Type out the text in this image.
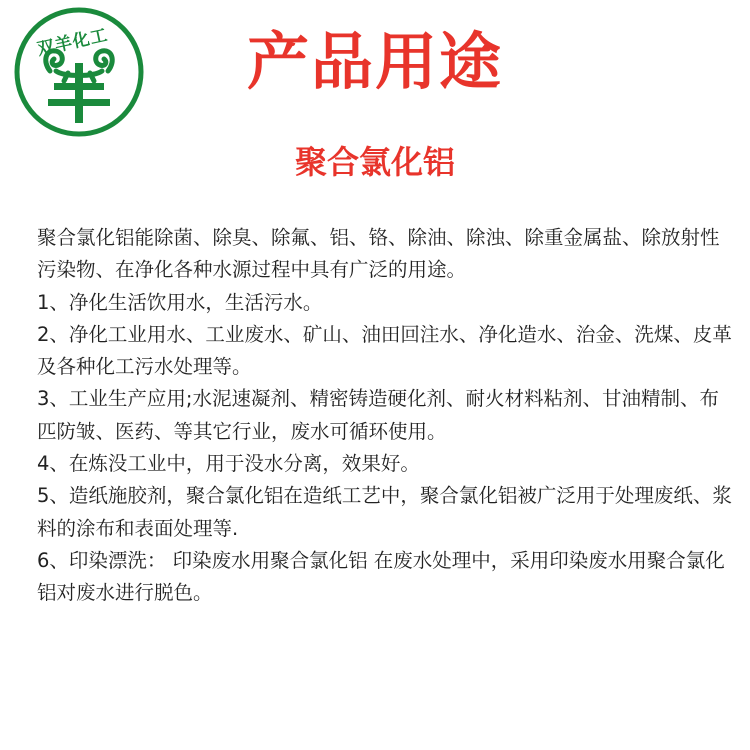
双羊化工	产品用途
聚合氯化铝

聚合氯化铝能除菌、除臭、除氟、铝、铬、除油、除浊、除重金属盐、除放射性污染物、在净化各种水源过程中具有广泛的用途。

1、净化生活饮用水，生活污水。

2、净化工业用水、工业废水、矿山、油田回注水、净化造水、治金、洗煤、皮革及各种化工污水处理等。

3、工业生产应用;水泥速凝剂、精密铸造硬化剂、耐火材料粘剂、甘油精制、布匹防皱、医药、等其它行业，废水可循环使用。

4、在炼没工业中，用于没水分离，效果好。

5、造纸施胶剂，聚合氯化铝在造纸工艺中，聚合氯化铝被广泛用于处理废纸、浆料的涂布和表面处理等.

6、印染漂洗： 印染废水用聚合氯化铝 在废水处理中，采用印染废水用聚合氯化铝对废水进行脱色。
